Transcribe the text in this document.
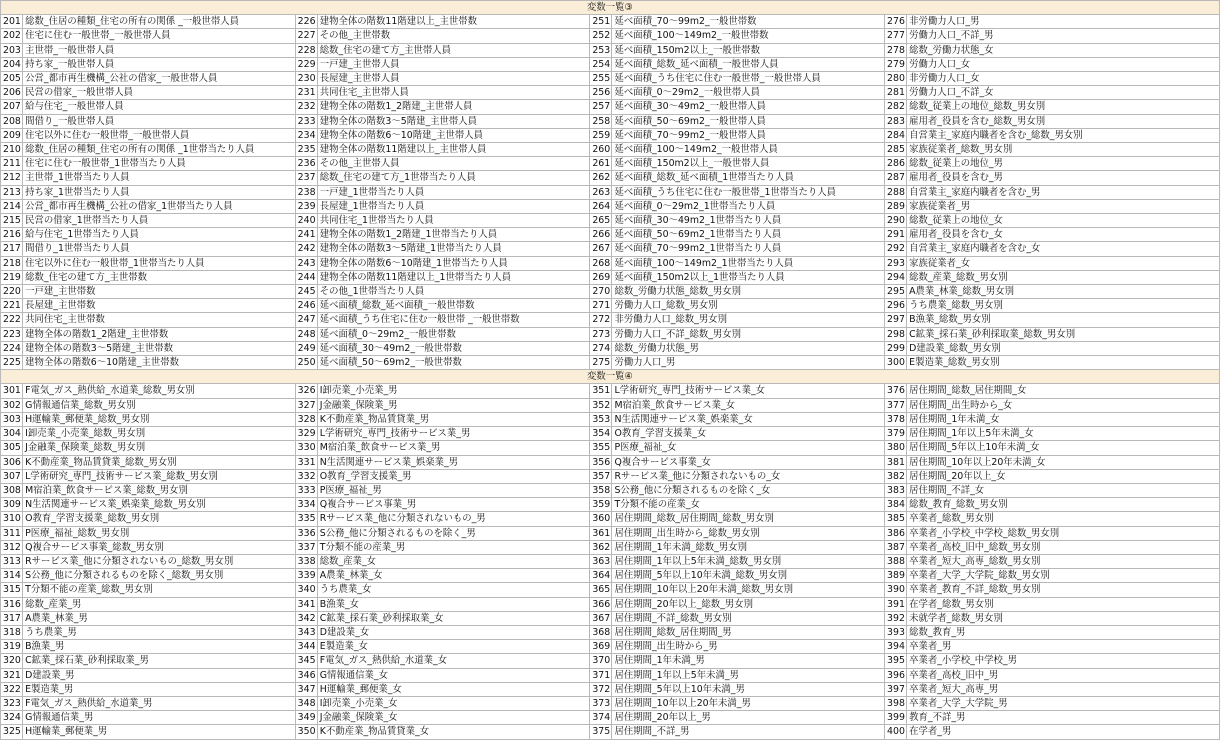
変数一覧③							
201	総数_住居の種類_住宅の所有の関係 _一般世帯人員	226	建物全体の階数11階建以上_主世帯数	251	延べ面積_70～99m2_一般世帯数	276	非労働力人口_男
202	住宅に住む一般世帯_一般世帯人員	227	その他_主世帯数	252	延べ面積_100～149m2_一般世帯数	277	労働力人口_不詳_男
203	主世帯_一般世帯人員	228	総数_住宅の建て方_主世帯人員	253	延べ面積_150m2以上_一般世帯数	278	総数_労働力状態_女
204	持ち家_一般世帯人員	229	一戸建_主世帯人員	254	延べ面積_総数_延べ面積_一般世帯人員	279	労働力人口_女
205	公営_都市再生機構_公社の借家_一般世帯人員	230	長屋建_主世帯人員	255	延べ面積_うち住宅に住む一般世帯_一般世帯人員	280	非労働力人口_女
206	民営の借家_一般世帯人員	231	共同住宅_主世帯人員	256	延べ面積_0～29m2_一般世帯人員	281	労働力人口_不詳_女
207	給与住宅_一般世帯人員	232	建物全体の階数1_2階建_主世帯人員	257	延べ面積_30～49m2_一般世帯人員	282	総数_従業上の地位_総数_男女別
208	間借り_一般世帯人員	233	建物全体の階数3～5階建_主世帯人員	258	延べ面積_50～69m2_一般世帯人員	283	雇用者_役員を含む_総数_男女別
209	住宅以外に住む一般世帯_一般世帯人員	234	建物全体の階数6～10階建_主世帯人員	259	延べ面積_70～99m2_一般世帯人員	284	自営業主_家庭内職者を含む_総数_男女別
210	総数_住居の種類_住宅の所有の関係 _1世帯当たり人員	235	建物全体の階数11階建以上_主世帯人員	260	延べ面積_100～149m2_一般世帯人員	285	家族従業者_総数_男女別
211	住宅に住む一般世帯_1世帯当たり人員	236	その他_主世帯人員	261	延べ面積_150m2以上_一般世帯人員	286	総数_従業上の地位_男
212	主世帯_1世帯当たり人員	237	総数_住宅の建て方_1世帯当たり人員	262	延べ面積_総数_延べ面積_1世帯当たり人員	287	雇用者_役員を含む_男
213	持ち家_1世帯当たり人員	238	一戸建_1世帯当たり人員	263	延べ面積_うち住宅に住む一般世帯_1世帯当たり人員	288	自営業主_家庭内職者を含む_男
214	公営_都市再生機構_公社の借家_1世帯当たり人員	239	長屋建_1世帯当たり人員	264	延べ面積_0～29m2_1世帯当たり人員	289	家族従業者_男
215	民営の借家_1世帯当たり人員	240	共同住宅_1世帯当たり人員	265	延べ面積_30～49m2_1世帯当たり人員	290	総数_従業上の地位_女
216	給与住宅_1世帯当たり人員	241	建物全体の階数1_2階建_1世帯当たり人員	266	延べ面積_50～69m2_1世帯当たり人員	291	雇用者_役員を含む_女
217	間借り_1世帯当たり人員	242	建物全体の階数3～5階建_1世帯当たり人員	267	延べ面積_70～99m2_1世帯当たり人員	292	自営業主_家庭内職者を含む_女
218	住宅以外に住む一般世帯_1世帯当たり人員	243	建物全体の階数6～10階建_1世帯当たり人員	268	延べ面積_100～149m2_1世帯当たり人員	293	家族従業者_女
219	総数_住宅の建て方_主世帯数	244	建物全体の階数11階建以上_1世帯当たり人員	269	延べ面積_150m2以上_1世帯当たり人員	294	総数_産業_総数_男女別
220	一戸建_主世帯数	245	その他_1世帯当たり人員	270	総数_労働力状態_総数_男女別	295	A農業_林業_総数_男女別
221	長屋建_主世帯数	246	延べ面積_総数_延べ面積_一般世帯数	271	労働力人口_総数_男女別	296	うち農業_総数_男女別
222	共同住宅_主世帯数	247	延べ面積_うち住宅に住む一般世帯 _一般世帯数	272	非労働力人口_総数_男女別	297	B漁業_総数_男女別
223	建物全体の階数1_2階建_主世帯数	248	延べ面積_0～29m2_一般世帯数	273	労働力人口_不詳_総数_男女別	298	C鉱業_採石業_砂利採取業_総数_男女別
224	建物全体の階数3～5階建_主世帯数	249	延べ面積_30～49m2_一般世帯数	274	総数_労働力状態_男	299	D建設業_総数_男女別
225	建物全体の階数6～10階建_主世帯数	250	延べ面積_50～69m2_一般世帯数	275	労働力人口_男	300	E製造業_総数_男女別
変数一覧④							
301	F電気_ガス_熱供給_水道業_総数_男女別	326	I卸売業_小売業_男	351	L学術研究_専門_技術サービス業_女	376	居住期間_総数_居住期間_女
302	G情報通信業_総数_男女別	327	J金融業_保険業_男	352	M宿泊業_飲食サービス業_女	377	居住期間_出生時から_女
303	H運輸業_郵便業_総数_男女別	328	K不動産業_物品賃貸業_男	353	N生活関連サービス業_娯楽業_女	378	居住期間_1年未満_女
304	I卸売業_小売業_総数_男女別	329	L学術研究_専門_技術サービス業_男	354	O教育_学習支援業_女	379	居住期間_1年以上5年未満_女
305	J金融業_保険業_総数_男女別	330	M宿泊業_飲食サービス業_男	355	P医療_福祉_女	380	居住期間_5年以上10年未満_女
306	K不動産業_物品賃貸業_総数_男女別	331	N生活関連サービス業_娯楽業_男	356	Q複合サービス事業_女	381	居住期間_10年以上20年未満_女
307	L学術研究_専門_技術サービス業_総数_男女別	332	O教育_学習支援業_男	357	Rサービス業_他に分類されないもの_女	382	居住期間_20年以上_女
308	M宿泊業_飲食サービス業_総数_男女別	333	P医療_福祉_男	358	S公務_他に分類されるものを除く_女	383	居住期間_不詳_女
309	N生活関連サービス業_娯楽業_総数_男女別	334	Q複合サービス事業_男	359	T分類不能の産業_女	384	総数_教育_総数_男女別
310	O教育_学習支援業_総数_男女別	335	Rサービス業_他に分類されないもの_男	360	居住期間_総数_居住期間_総数_男女別	385	卒業者_総数_男女別
311	P医療_福祉_総数_男女別	336	S公務_他に分類されるものを除く_男	361	居住期間_出生時から_総数_男女別	386	卒業者_小学校_中学校_総数_男女別
312	Q複合サービス事業_総数_男女別	337	T分類不能の産業_男	362	居住期間_1年未満_総数_男女別	387	卒業者_高校_旧中_総数_男女別
313	Rサービス業_他に分類されないもの_総数_男女別	338	総数_産業_女	363	居住期間_1年以上5年未満_総数_男女別	388	卒業者_短大_高専_総数_男女別
314	S公務_他に分類されるものを除く_総数_男女別	339	A農業_林業_女	364	居住期間_5年以上10年未満_総数_男女別	389	卒業者_大学_大学院_総数_男女別
315	T分類不能の産業_総数_男女別	340	うち農業_女	365	居住期間_10年以上20年未満_総数_男女別	390	卒業者_教育_不詳_総数_男女別
316	総数_産業_男	341	B漁業_女	366	居住期間_20年以上_総数_男女別	391	在学者_総数_男女別
317	A農業_林業_男	342	C鉱業_採石業_砂利採取業_女	367	居住期間_不詳_総数_男女別	392	未就学者_総数_男女別
318	うち農業_男	343	D建設業_女	368	居住期間_総数_居住期間_男	393	総数_教育_男
319	B漁業_男	344	E製造業_女	369	居住期間_出生時から_男	394	卒業者_男
320	C鉱業_採石業_砂利採取業_男	345	F電気_ガス_熱供給_水道業_女	370	居住期間_1年未満_男	395	卒業者_小学校_中学校_男
321	D建設業_男	346	G情報通信業_女	371	居住期間_1年以上5年未満_男	396	卒業者_高校_旧中_男
322	E製造業_男	347	H運輸業_郵便業_女	372	居住期間_5年以上10年未満_男	397	卒業者_短大_高専_男
323	F電気_ガス_熱供給_水道業_男	348	I卸売業_小売業_女	373	居住期間_10年以上20年未満_男	398	卒業者_大学_大学院_男
324	G情報通信業_男	349	J金融業_保険業_女	374	居住期間_20年以上_男	399	教育_不詳_男
325	H運輸業_郵便業_男	350	K不動産業_物品賃貸業_女	375	居住期間_不詳_男	400	在学者_男
